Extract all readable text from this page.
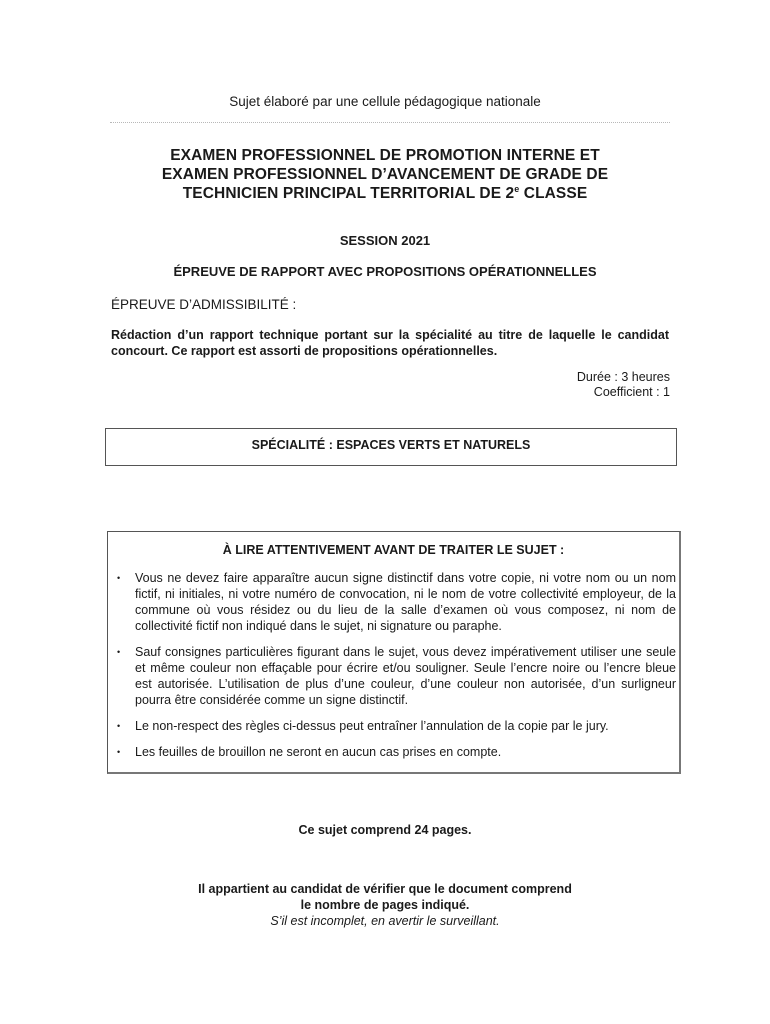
Sujet élaboré par une cellule pédagogique nationale
EXAMEN PROFESSIONNEL DE PROMOTION INTERNE ET
EXAMEN PROFESSIONNEL D’AVANCEMENT DE GRADE DE
TECHNICIEN PRINCIPAL TERRITORIAL DE 2e CLASSE
SESSION 2021
ÉPREUVE DE RAPPORT AVEC PROPOSITIONS OPÉRATIONNELLES
ÉPREUVE D’ADMISSIBILITÉ :
Rédaction d’un rapport technique portant sur la spécialité au titre de laquelle le candidat concourt. Ce rapport est assorti de propositions opérationnelles.
Durée : 3 heures
Coefficient : 1
SPÉCIALITÉ : ESPACES VERTS ET NATURELS
À LIRE ATTENTIVEMENT AVANT DE TRAITER LE SUJET :
• Vous ne devez faire apparaître aucun signe distinctif dans votre copie, ni votre nom ou un nom fictif, ni initiales, ni votre numéro de convocation, ni le nom de votre collectivité employeur, de la commune où vous résidez ou du lieu de la salle d’examen où vous composez, ni nom de collectivité fictif non indiqué dans le sujet, ni signature ou paraphe.
• Sauf consignes particulières figurant dans le sujet, vous devez impérativement utiliser une seule et même couleur non effaçable pour écrire et/ou souligner. Seule l’encre noire ou l’encre bleue est autorisée. L’utilisation de plus d’une couleur, d’une couleur non autorisée, d’un surligneur pourra être considérée comme un signe distinctif.
• Le non-respect des règles ci-dessus peut entraîner l’annulation de la copie par le jury.
• Les feuilles de brouillon ne seront en aucun cas prises en compte.
Ce sujet comprend 24 pages.
Il appartient au candidat de vérifier que le document comprend
le nombre de pages indiqué.
S’il est incomplet, en avertir le surveillant.
